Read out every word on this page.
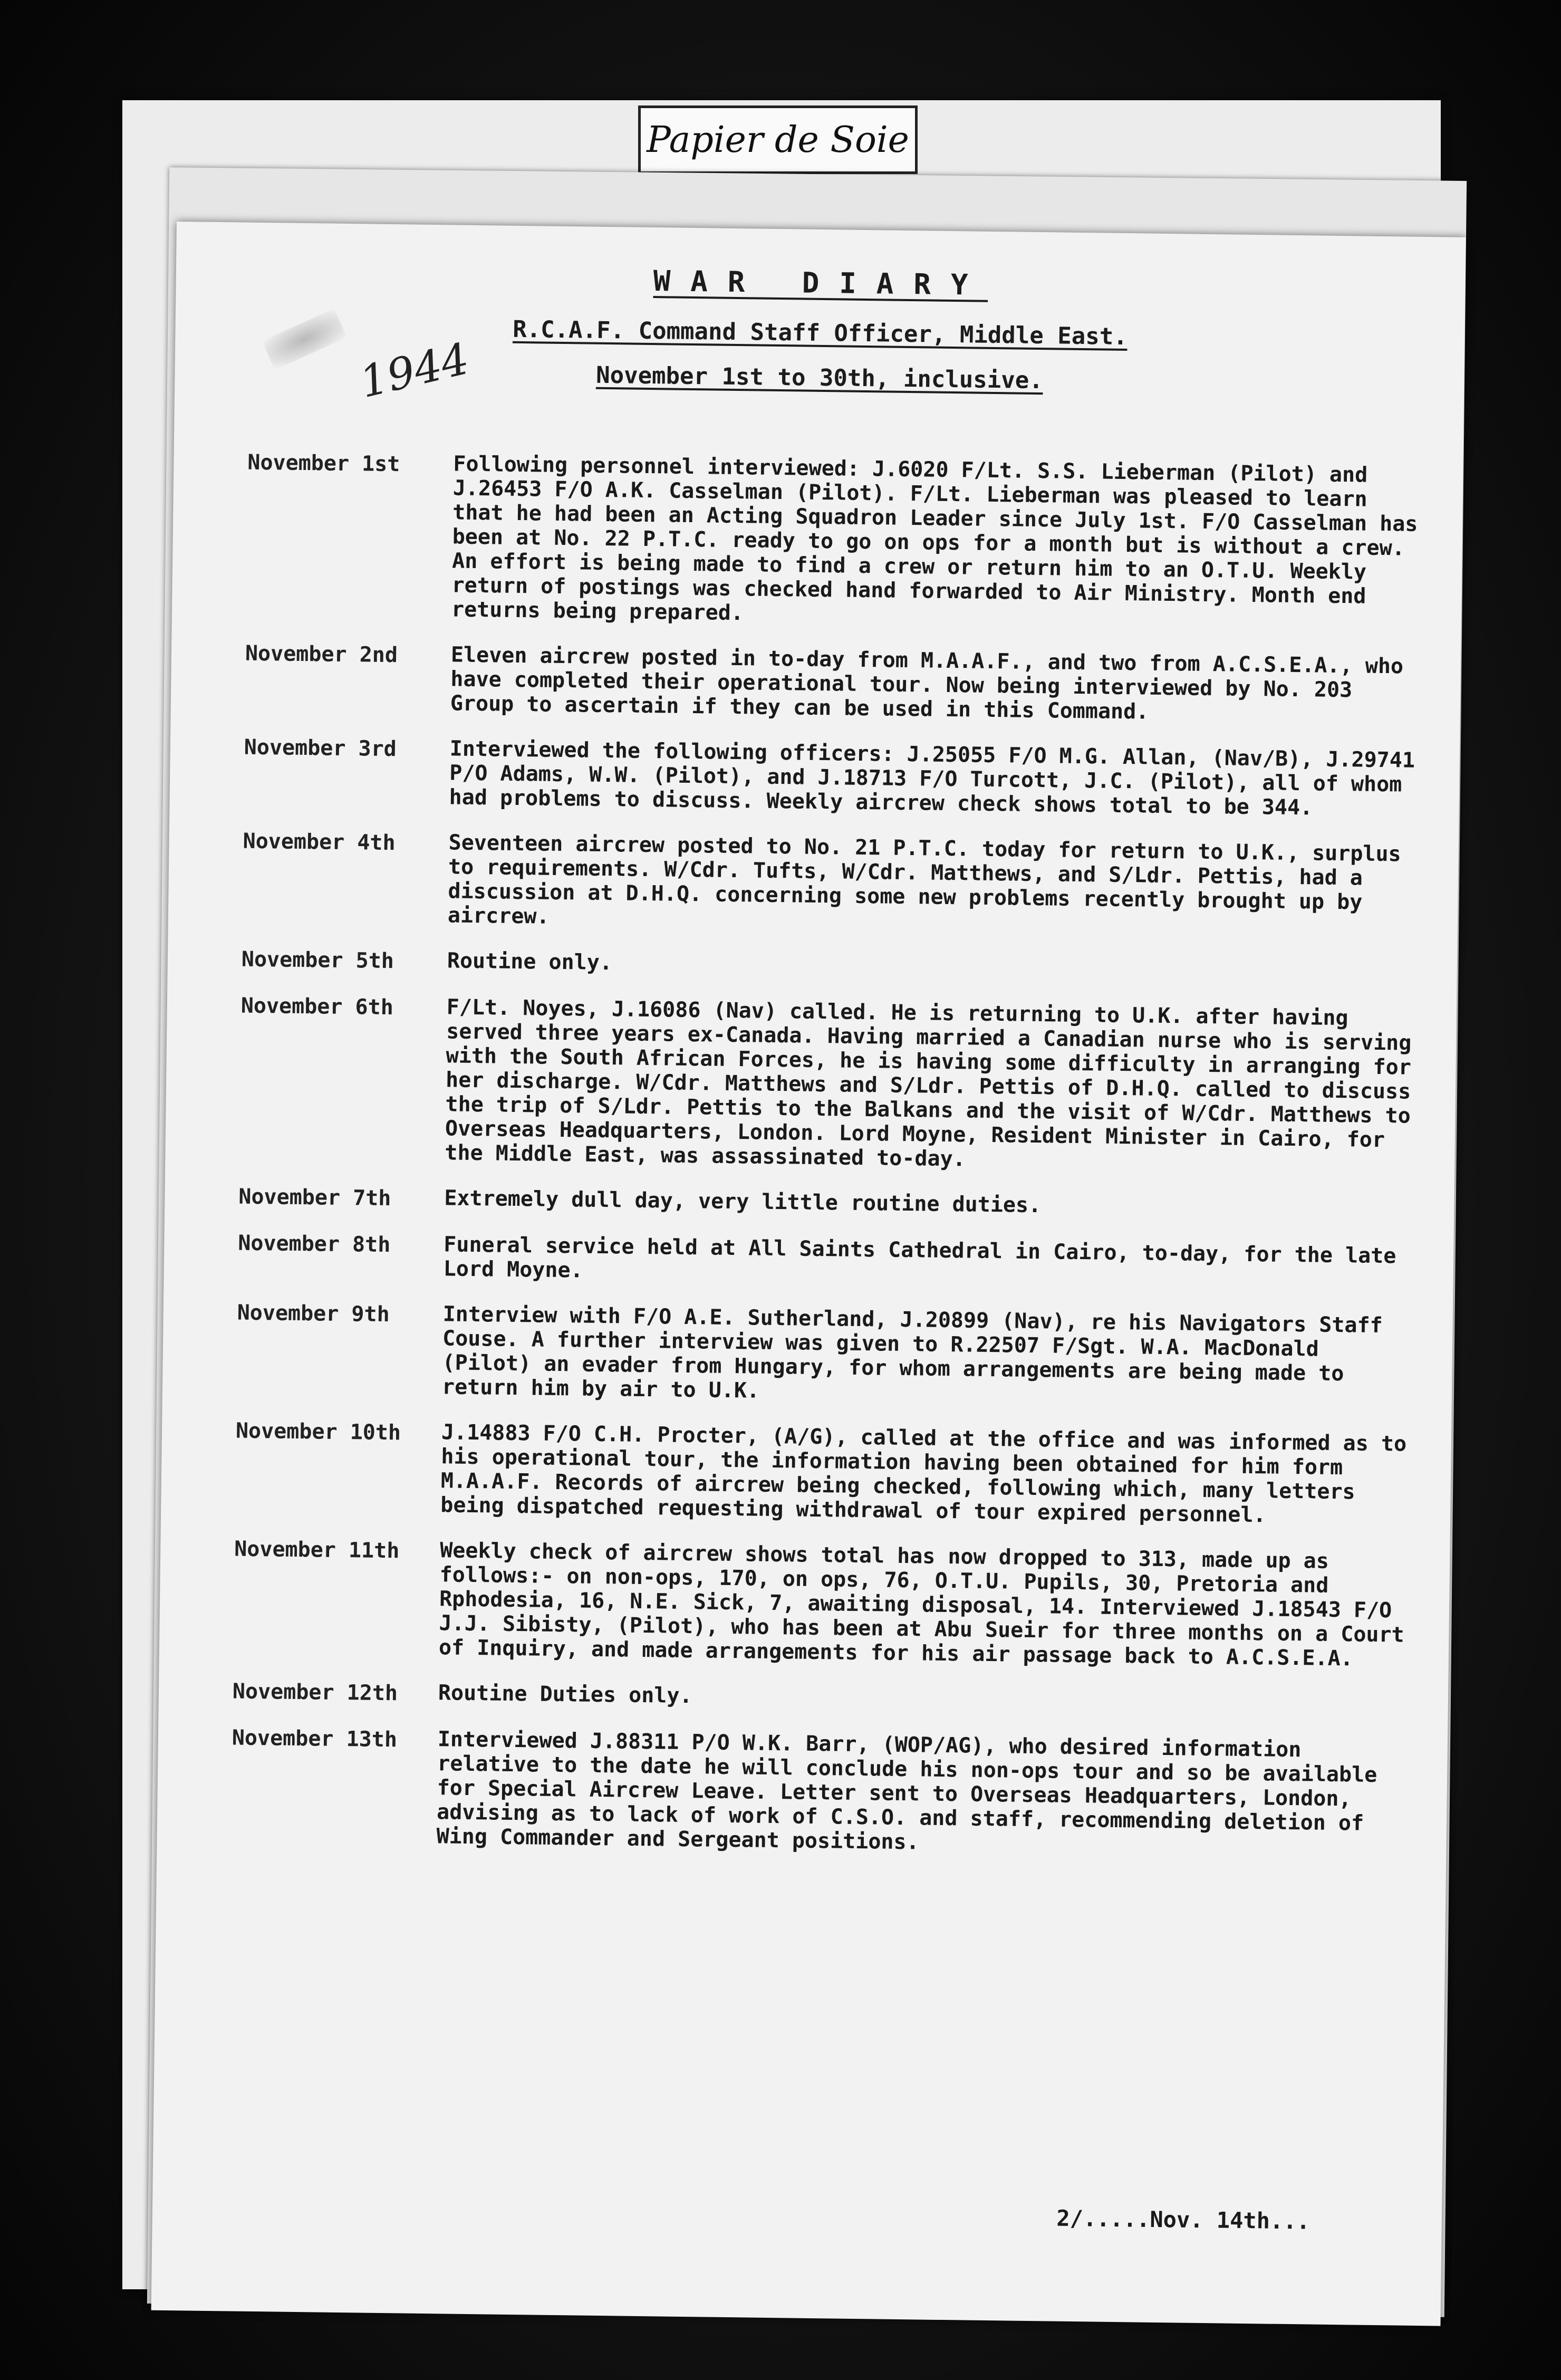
Papier de Soie
WAR DIARY
R.C.A.F. Command Staff Officer, Middle East.
November 1st to 30th, inclusive.
1944
November 1st	Following personnel interviewed: J.6020 F/Lt. S.S. Lieberman (Pilot) and J.26453 F/O A.K. Casselman (Pilot). F/Lt. Lieberman was pleased to learn that he had been an Acting Squadron Leader since July 1st. F/O Casselman has been at No. 22 P.T.C. ready to go on ops for a month but is without a crew. An effort is being made to find a crew or return him to an O.T.U. Weekly return of postings was checked hand forwarded to Air Ministry. Month end returns being prepared.
November 2nd	Eleven aircrew posted in to-day from M.A.A.F., and two from A.C.S.E.A., who have completed their operational tour. Now being interviewed by No. 203 Group to ascertain if they can be used in this Command.
November 3rd	Interviewed the following officers: J.25055 F/O M.G. Allan, (Nav/B), J.29741 P/O Adams, W.W. (Pilot), and J.18713 F/O Turcott, J.C. (Pilot), all of whom had problems to discuss. Weekly aircrew check shows total to be 344.
November 4th	Seventeen aircrew posted to No. 21 P.T.C. today for return to U.K., surplus to requirements. W/Cdr. Tufts, W/Cdr. Matthews, and S/Ldr. Pettis, had a discussion at D.H.Q. concerning some new problems recently brought up by aircrew.
November 5th	Routine only.
November 6th	F/Lt. Noyes, J.16086 (Nav) called. He is returning to U.K. after having served three years ex-Canada. Having married a Canadian nurse who is serving with the South African Forces, he is having some difficulty in arranging for her discharge. W/Cdr. Matthews and S/Ldr. Pettis of D.H.Q. called to discuss the trip of S/Ldr. Pettis to the Balkans and the visit of W/Cdr. Matthews to Overseas Headquarters, London. Lord Moyne, Resident Minister in Cairo, for the Middle East, was assassinated to-day.
November 7th	Extremely dull day, very little routine duties.
November 8th	Funeral service held at All Saints Cathedral in Cairo, to-day, for the late Lord Moyne.
November 9th	Interview with F/O A.E. Sutherland, J.20899 (Nav), re his Navigators Staff Couse. A further interview was given to R.22507 F/Sgt. W.A. MacDonald (Pilot) an evader from Hungary, for whom arrangements are being made to return him by air to U.K.
November 10th	J.14883 F/O C.H. Procter, (A/G), called at the office and was informed as to his operational tour, the information having been obtained for him form M.A.A.F. Records of aircrew being checked, following which, many letters being dispatched requesting withdrawal of tour expired personnel.
November 11th	Weekly check of aircrew shows total has now dropped to 313, made up as follows:- on non-ops, 170, on ops, 76, O.T.U. Pupils, 30, Pretoria and Rphodesia, 16, N.E. Sick, 7, awaiting disposal, 14. Interviewed J.18543 F/O J.J. Sibisty, (Pilot), who has been at Abu Sueir for three months on a Court of Inquiry, and made arrangements for his air passage back to A.C.S.E.A.
November 12th	Routine Duties only.
November 13th	Interviewed J.88311 P/O W.K. Barr, (WOP/AG), who desired information relative to the date he will conclude his non-ops tour and so be available for Special Aircrew Leave. Letter sent to Overseas Headquarters, London, advising as to lack of work of C.S.O. and staff, recommending deletion of Wing Commander and Sergeant positions.
2/.....Nov. 14th...
